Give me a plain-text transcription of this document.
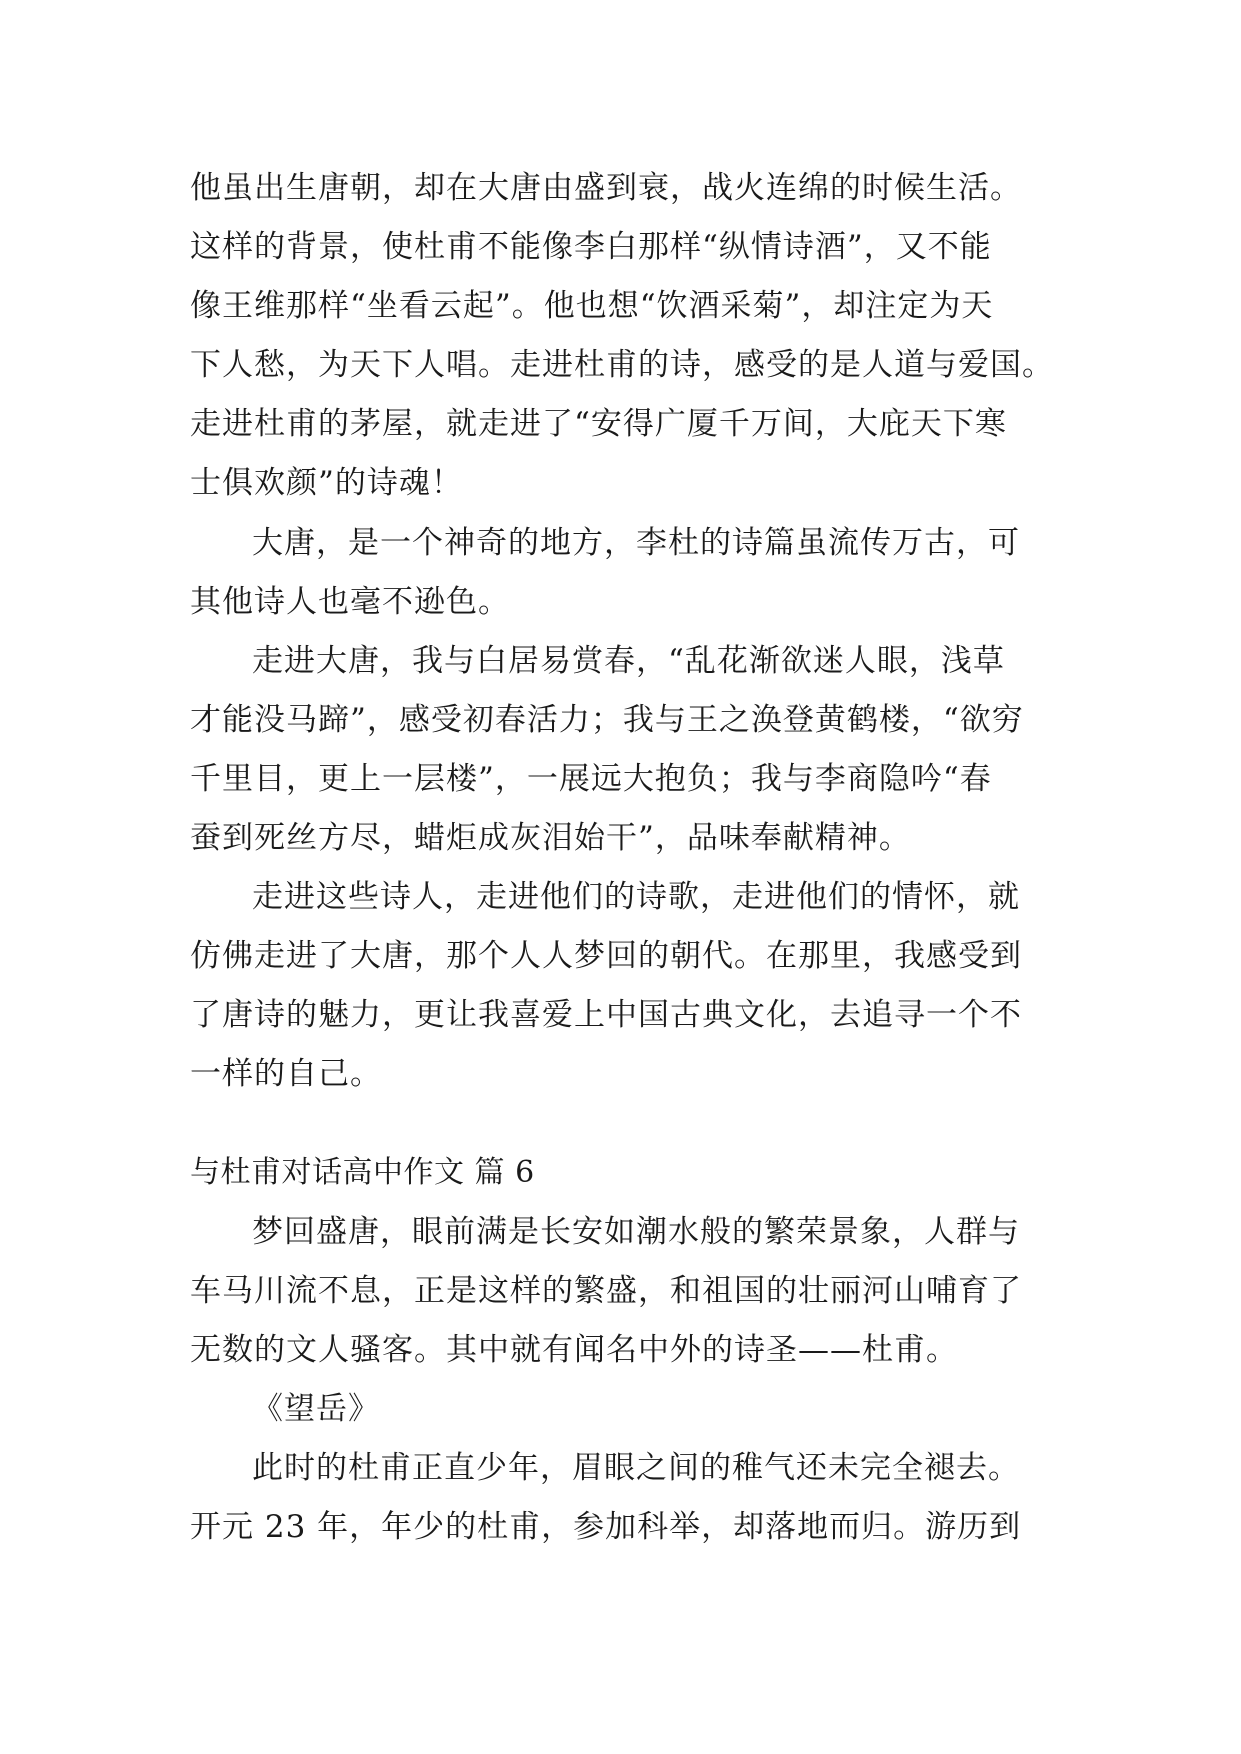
他虽出生唐朝，却在大唐由盛到衰，战火连绵的时候生活。
这样的背景，使杜甫不能像李白那样“纵情诗酒”，又不能
像王维那样“坐看云起”。他也想“饮酒采菊”，却注定为天
下人愁，为天下人唱。走进杜甫的诗，感受的是人道与爱国。
走进杜甫的茅屋，就走进了“安得广厦千万间，大庇天下寒
士俱欢颜”的诗魂！
大唐，是一个神奇的地方，李杜的诗篇虽流传万古，可
其他诗人也毫不逊色。
走进大唐，我与白居易赏春，“乱花渐欲迷人眼，浅草
才能没马蹄”，感受初春活力；我与王之涣登黄鹤楼，“欲穷
千里目，更上一层楼”，一展远大抱负；我与李商隐吟“春
蚕到死丝方尽，蜡炬成灰泪始干”，品味奉献精神。
走进这些诗人，走进他们的诗歌，走进他们的情怀，就
仿佛走进了大唐，那个人人梦回的朝代。在那里，我感受到
了唐诗的魅力，更让我喜爱上中国古典文化，去追寻一个不
一样的自己。
与杜甫对话高中作文 篇 6
梦回盛唐，眼前满是长安如潮水般的繁荣景象，人群与
车马川流不息，正是这样的繁盛，和祖国的壮丽河山哺育了
无数的文人骚客。其中就有闻名中外的诗圣——杜甫。
《望岳》
此时的杜甫正直少年，眉眼之间的稚气还未完全褪去。
开元 23 年，年少的杜甫，参加科举，却落地而归。游历到
